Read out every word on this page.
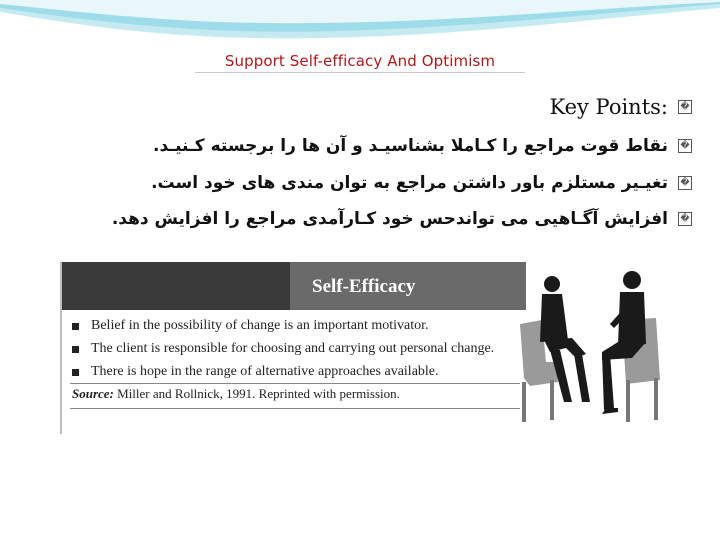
Support Self-efficacy And Optimism
�
Key Points:
�
نقاط قوت مراجع را کـاملا بشناسیـد و آن ها را برجسته کـنیـد.
�
تغیـیر مستلزم باور داشتن مراجع به توان مندی های خود است.
�
افزایش آگـاهیی می تواندحس خود کـارآمدی مراجع را افزایش دهد.
Self-Efficacy
Belief in the possibility of change is an important motivator.
The client is responsible for choosing and carrying out personal change.
There is hope in the range of alternative approaches available.
Source: Miller and Rollnick, 1991. Reprinted with permission.
